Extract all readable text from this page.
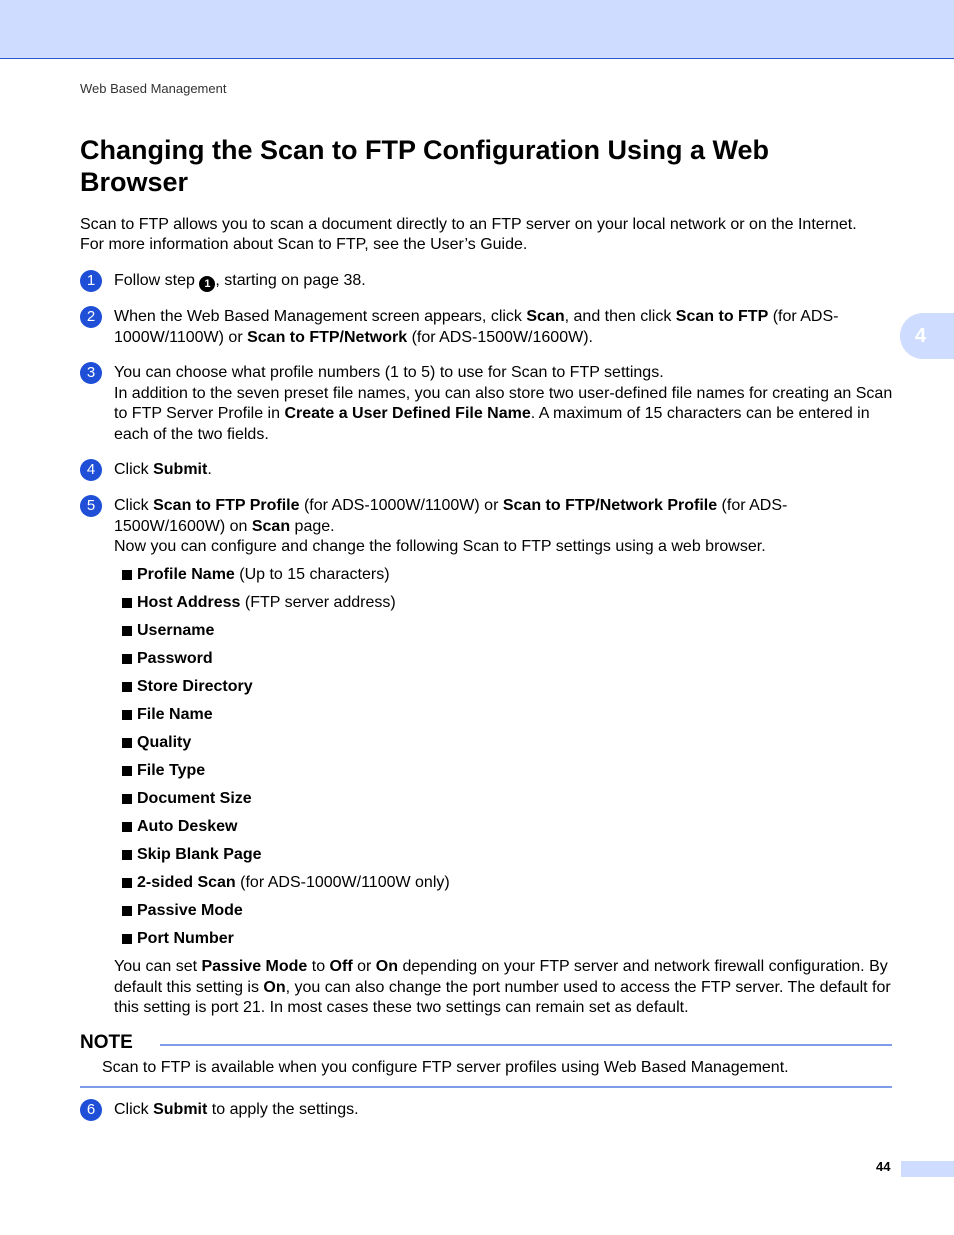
Web Based Management
4
Changing the Scan to FTP Configuration Using a Web Browser

Scan to FTP allows you to scan a document directly to an FTP server on your local network or on the Internet.

For more information about Scan to FTP, see the User’s Guide.

1	Follow step 1 , starting on page 38.
2	When the Web Based Management screen appears, click Scan, and then click Scan to FTP (for ADS-1000W/1100W) or Scan to FTP/Network (for ADS-1500W/1600W).
3	You can choose what profile numbers (1 to 5) to use for Scan to FTP settings.
In addition to the seven preset file names, you can also store two user-defined file names for creating an Scan to FTP Server Profile in Create a User Defined File Name. A maximum of 15 characters can be entered in each of the two fields.
4	Click Submit.
5	Click Scan to FTP Profile (for ADS-1000W/1100W) or Scan to FTP/Network Profile (for ADS-1500W/1600W) on Scan page.
Now you can configure and change the following Scan to FTP settings using a web browser.
Profile Name (Up to 15 characters)
Host Address (FTP server address)
Username
Password
Store Directory
File Name
Quality
File Type
Document Size
Auto Deskew
Skip Blank Page
2-sided Scan (for ADS-1000W/1100W only)
Passive Mode
Port Number
You can set Passive Mode to Off or On depending on your FTP server and network firewall configuration. By default this setting is On, you can also change the port number used to access the FTP server. The default for this setting is port 21. In most cases these two settings can remain set as default.
NOTE
Scan to FTP is available when you configure FTP server profiles using Web Based Management.
6	Click Submit to apply the settings.
44
